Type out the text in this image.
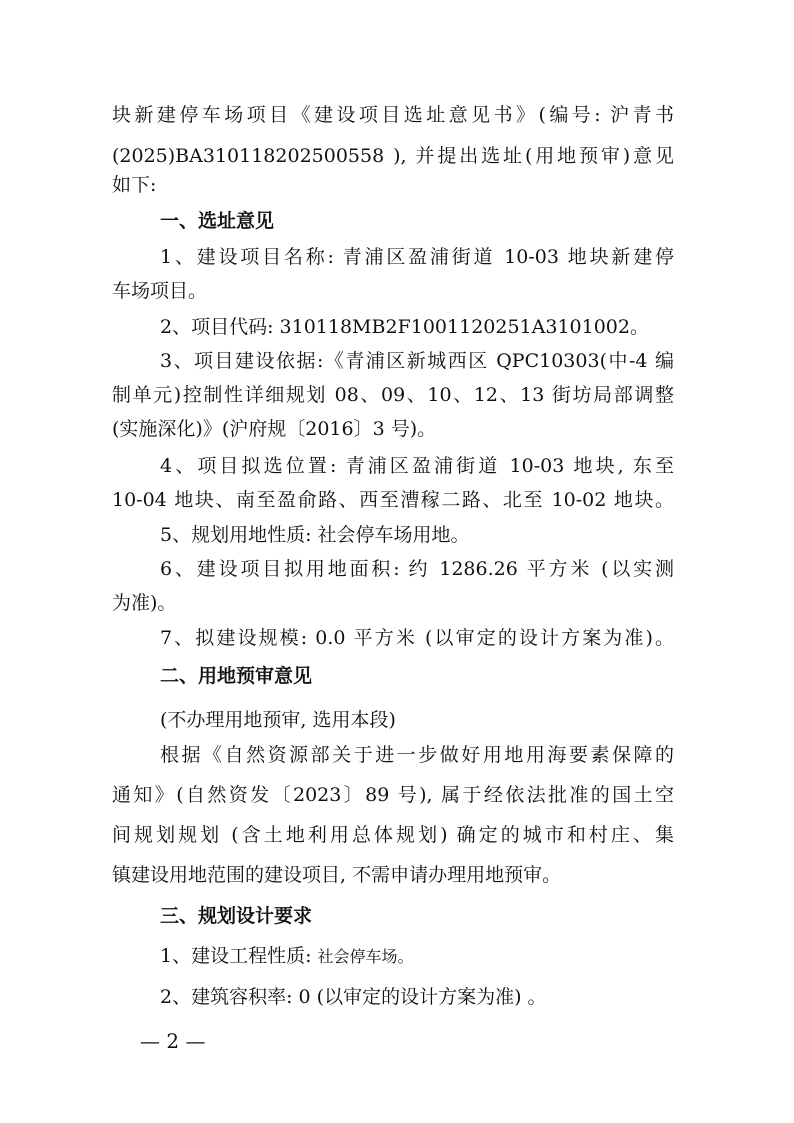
块新建停车场项目《建设项目选址意见书》(编号: 沪青书
(2025)BA310118202500558 ), 并提出选址(用地预审)意见
如下:
一、选址意见
1、建设项目名称: 青浦区盈浦街道 10-03 地块新建停
车场项目。
2、项目代码: 310118MB2F1001120251A3101002。
3、项目建设依据:《青浦区新城西区 QPC10303(中-4 编
制单元)控制性详细规划 08、09、10、12、13 街坊局部调整
(实施深化)》(沪府规〔2016〕3 号)。
4、项目拟选位置: 青浦区盈浦街道 10-03 地块, 东至
10-04 地块、南至盈俞路、西至漕稼二路、北至 10-02 地块。
5、规划用地性质: 社会停车场用地。
6、建设项目拟用地面积: 约 1286.26 平方米 (以实测
为准)。
7、拟建设规模: 0.0 平方米 (以审定的设计方案为准)。
二、用地预审意见
(不办理用地预审, 选用本段)
根据《自然资源部关于进一步做好用地用海要素保障的
通知》(自然资发〔2023〕89 号), 属于经依法批准的国土空
间规划规划 (含土地利用总体规划) 确定的城市和村庄、集
镇建设用地范围的建设项目, 不需申请办理用地预审。
三、规划设计要求
1、建设工程性质: 社会停车场。
2、建筑容积率: 0 (以审定的设计方案为准) 。
— 2 —
